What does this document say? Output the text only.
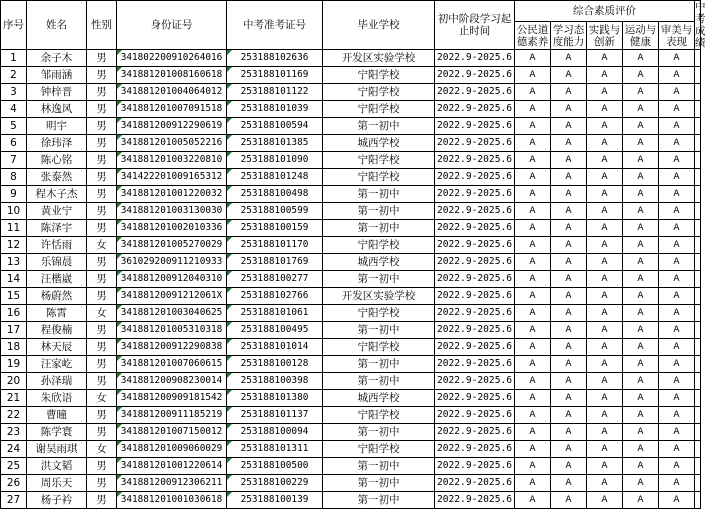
序号	姓名	性别	身份证号	中考准考证号	毕业学校	初中阶段学习起止时间	综合素质评价					中考成绩
							公民道德素养	学习态度能力	实践与创新	运动与健康	审美与表现	
1	余子木	男	341802200910264016	253188102636	开发区实验学校	2022.9-2025.6	A	A	A	A	A	
2	邹雨涵	男	341881201008160618	253188101169	宁阳学校	2022.9-2025.6	A	A	A	A	A	
3	钟梓晋	男	341881201004064012	253188101122	宁阳学校	2022.9-2025.6	A	A	A	A	A	
4	林逸风	男	341881201007091518	253188101039	宁阳学校	2022.9-2025.6	A	A	A	A	A	
5	明宇	男	341881200912290619	253188100594	第一初中	2022.9-2025.6	A	A	A	A	A	
6	徐玮泽	男	341881201005052216	253188101385	城西学校	2022.9-2025.6	A	A	A	A	A	
7	陈心铭	男	341881201003220810	253188101090	宁阳学校	2022.9-2025.6	A	A	A	A	A	
8	张泰然	男	341422201009165312	253188101248	宁阳学校	2022.9-2025.6	A	A	A	A	A	
9	程木子杰	男	341881201001220032	253188100498	第一初中	2022.9-2025.6	A	A	A	A	A	
10	黄业宁	男	341881201003130030	253188100599	第一初中	2022.9-2025.6	A	A	A	A	A	
11	陈泽宇	男	341881201002010336	253188100159	第一初中	2022.9-2025.6	A	A	A	A	A	
12	许恬雨	女	341881201005270029	253188101170	宁阳学校	2022.9-2025.6	A	A	A	A	A	
13	乐锦晨	男	361029200911210933	253188101769	城西学校	2022.9-2025.6	A	A	A	A	A	
14	汪楷崴	男	341881200912040310	253188100277	第一初中	2022.9-2025.6	A	A	A	A	A	
15	杨蔚然	男	34188120091212061X	253188102766	开发区实验学校	2022.9-2025.6	A	A	A	A	A	
16	陈霄	女	341881201003040625	253188101061	宁阳学校	2022.9-2025.6	A	A	A	A	A	
17	程俊楠	男	341881201005310318	253188100495	第一初中	2022.9-2025.6	A	A	A	A	A	
18	林天辰	男	341881200912290838	253188101014	宁阳学校	2022.9-2025.6	A	A	A	A	A	
19	汪家屹	男	341881201007060615	253188100128	第一初中	2022.9-2025.6	A	A	A	A	A	
20	孙泽瑞	男	341881200908230014	253188100398	第一初中	2022.9-2025.6	A	A	A	A	A	
21	朱欣语	女	341881200909181542	253188101380	城西学校	2022.9-2025.6	A	A	A	A	A	
22	曹曈	男	341881200911185219	253188101137	宁阳学校	2022.9-2025.6	A	A	A	A	A	
23	陈学寰	男	341881201007150012	253188100094	第一初中	2022.9-2025.6	A	A	A	A	A	
24	谢吴雨琪	女	341881201009060029	253188101311	宁阳学校	2022.9-2025.6	A	A	A	A	A	
25	洪文韬	男	341881201001220614	253188100500	第一初中	2022.9-2025.6	A	A	A	A	A	
26	周乐天	男	341881200912306211	253188100229	第一初中	2022.9-2025.6	A	A	A	A	A	
27	杨子衿	男	341881201001030618	253188100139	第一初中	2022.9-2025.6	A	A	A	A	A	
